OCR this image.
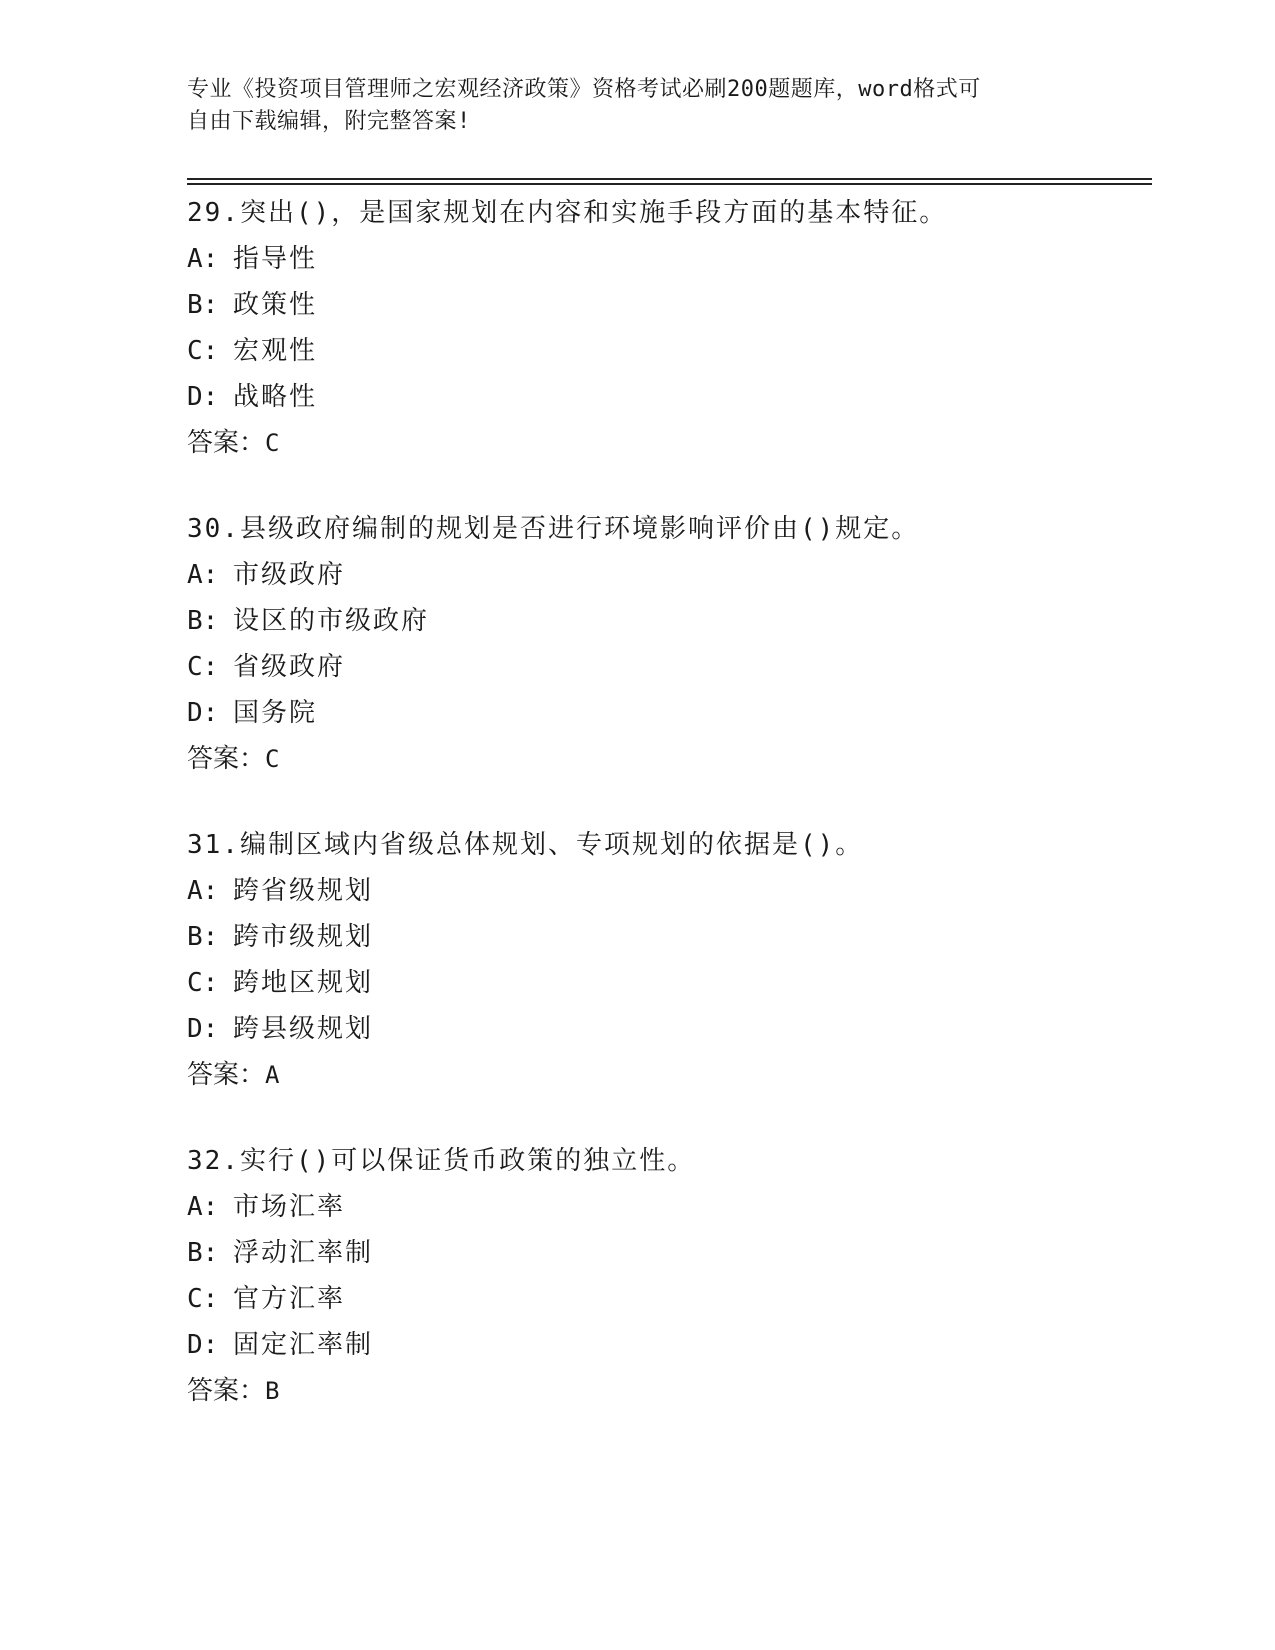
专业《投资项目管理师之宏观经济政策》资格考试必刷200题题库，word格式可
自由下载编辑，附完整答案!
29.突出()，是国家规划在内容和实施手段方面的基本特征。
A: 指导性
B: 政策性
C: 宏观性
D: 战略性
答案：C
30.县级政府编制的规划是否进行环境影响评价由()规定。
A: 市级政府
B: 设区的市级政府
C: 省级政府
D: 国务院
答案：C
31.编制区域内省级总体规划、专项规划的依据是()。
A: 跨省级规划
B: 跨市级规划
C: 跨地区规划
D: 跨县级规划
答案：A
32.实行()可以保证货币政策的独立性。
A: 市场汇率
B: 浮动汇率制
C: 官方汇率
D: 固定汇率制
答案：B
